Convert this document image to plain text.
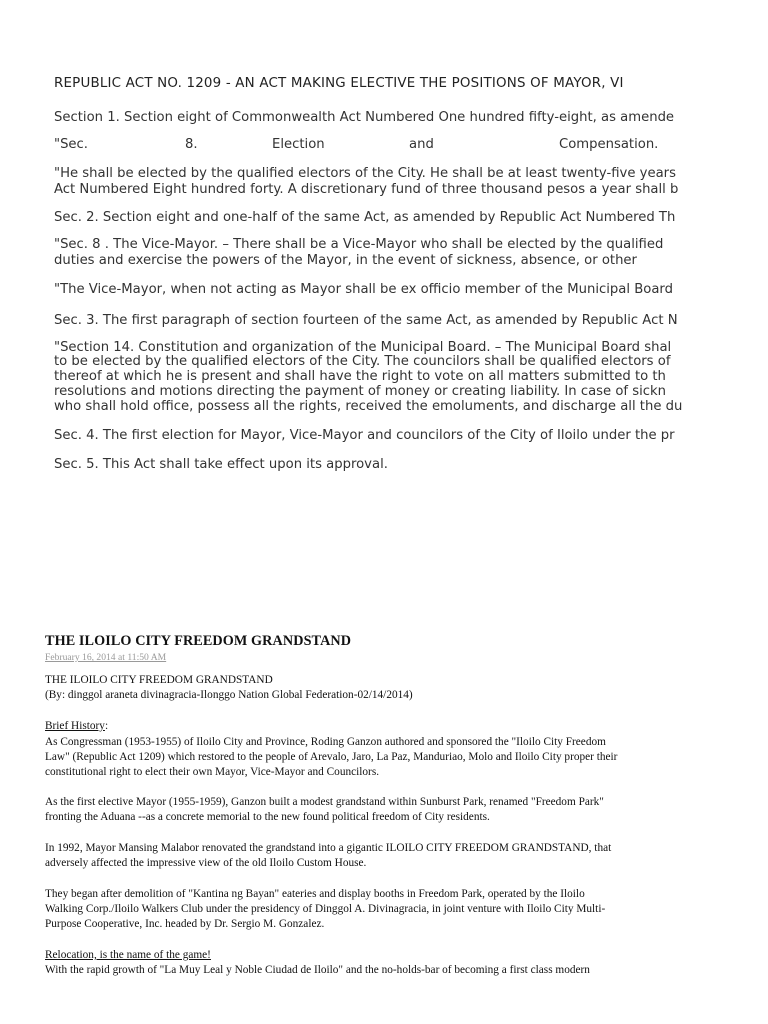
REPUBLIC ACT NO. 1209 - AN ACT MAKING ELECTIVE THE POSITIONS OF MAYOR, VI
Section 1. Section eight of Commonwealth Act Numbered One hundred fifty-eight, as amende
"Sec.	8.	Election	and	Compensation.
"He shall be elected by the qualified electors of the City. He shall be at least twenty-five years
Act Numbered Eight hundred forty. A discretionary fund of three thousand pesos a year shall b
Sec. 2. Section eight and one-half of the same Act, as amended by Republic Act Numbered Th
"Sec. 8 . The Vice-Mayor. – There shall be a Vice-Mayor who shall be elected by the qualified
duties and exercise the powers of the Mayor, in the event of sickness, absence, or other
"The Vice-Mayor, when not acting as Mayor shall be ex officio member of the Municipal Board
Sec. 3. The first paragraph of section fourteen of the same Act, as amended by Republic Act N
"Section 14. Constitution and organization of the Municipal Board. – The Municipal Board shal
to be elected by the qualified electors of the City. The councilors shall be qualified electors of
thereof at which he is present and shall have the right to vote on all matters submitted to th
resolutions and motions directing the payment of money or creating liability. In case of sickn
who shall hold office, possess all the rights, received the emoluments, and discharge all the du
Sec. 4. The first election for Mayor, Vice-Mayor and councilors of the City of Iloilo under the pr
Sec. 5. This Act shall take effect upon its approval.
THE ILOILO CITY FREEDOM GRANDSTAND
February 16, 2014 at 11:50 AM
THE ILOILO CITY FREEDOM GRANDSTAND
(By: dinggol araneta divinagracia-Ilonggo Nation Global Federation-02/14/2014)
Brief History:
As Congressman (1953-1955) of Iloilo City and Province, Roding Ganzon authored and sponsored the "Iloilo City Freedom
Law" (Republic Act 1209) which restored to the people of Arevalo, Jaro, La Paz, Manduriao, Molo and Iloilo City proper their
constitutional right to elect their own Mayor, Vice-Mayor and Councilors.
As the first elective Mayor (1955-1959), Ganzon built a modest grandstand within Sunburst Park, renamed "Freedom Park"
fronting the Aduana --as a concrete memorial to the new found political freedom of City residents.
In 1992, Mayor Mansing Malabor renovated the grandstand into a gigantic ILOILO CITY FREEDOM GRANDSTAND, that
adversely affected the impressive view of the old Iloilo Custom House.
They began after demolition of "Kantina ng Bayan" eateries and display booths in Freedom Park, operated by the Iloilo
Walking Corp./Iloilo Walkers Club under the presidency of Dinggol A. Divinagracia, in joint venture with Iloilo City Multi-
Purpose Cooperative, Inc. headed by Dr. Sergio M. Gonzalez.
Relocation, is the name of the game!
With the rapid growth of "La Muy Leal y Noble Ciudad de Iloilo" and the no-holds-bar of becoming a first class modern
